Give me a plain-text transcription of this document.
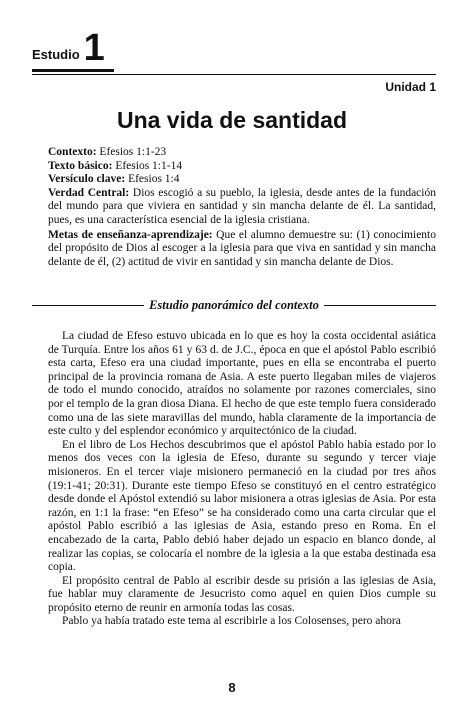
Estudio 1
Unidad 1
Una vida de santidad

Contexto: Efesios 1:1-23

Texto básico: Efesios 1:1-14

Versículo clave: Efesios 1:4

Verdad Central: Dios escogió a su pueblo, la iglesia, desde antes de la fundación del mundo para que viviera en santidad y sin mancha delante de él. La santidad, pues, es una característica esencial de la iglesia cristiana.

Metas de enseñanza-aprendizaje: Que el alumno demuestre su: (1) conocimiento del propósito de Dios al escoger a la iglesia para que viva en santidad y sin mancha delante de él, (2) actitud de vivir en santidad y sin mancha delante de Dios.

Estudio panorámico del contexto

La ciudad de Efeso estuvo ubicada en lo que es hoy la costa occidental asiática de Turquía. Entre los años 61 y 63 d. de J.C., época en que el apóstol Pablo escribió esta carta, Efeso era una ciudad importante, pues en ella se encontraba el puerto principal de la provincia romana de Asia. A este puerto llegaban miles de viajeros de todo el mundo conocido, atraídos no solamente por razones comerciales, sino por el templo de la gran diosa Diana. El hecho de que este templo fuera considerado como una de las siete maravillas del mundo, habla claramente de la importancia de este culto y del esplendor económico y arquitectónico de la ciudad.

En el libro de Los Hechos descubrimos que el apóstol Pablo había estado por lo menos dos veces con la iglesia de Efeso, durante su segundo y tercer viaje misioneros. En el tercer viaje misionero permaneció en la ciudad por tres años (19:1-41; 20:31). Durante este tiempo Efeso se constituyó en el centro estratégico desde donde el Apóstol extendió su labor misionera a otras iglesias de Asia. Por esta razón, en 1:1 la frase: “en Efeso” se ha considerado como una carta circular que el apóstol Pablo escribió a las iglesias de Asia, estando preso en Roma. En el encabezado de la carta, Pablo debió haber dejado un espacio en blanco donde, al realizar las copias, se colocaría el nombre de la iglesia a la que estaba destinada esa copia.

El propósito central de Pablo al escribir desde su prisión a las iglesias de Asia, fue hablar muy claramente de Jesucristo como aquel en quien Dios cumple su propósito eterno de reunir en armonía todas las cosas.

Pablo ya había tratado este tema al escribirle a los Colosenses, pero ahora

8
